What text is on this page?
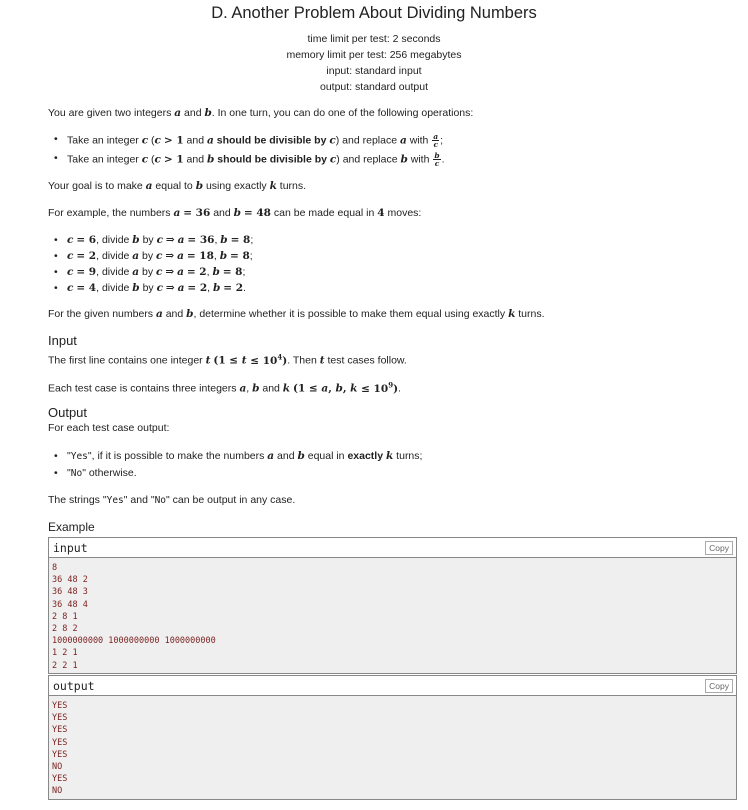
D. Another Problem About Dividing Numbers
time limit per test: 2 seconds
memory limit per test: 256 megabytes
input: standard input
output: standard output
You are given two integers a and b. In one turn, you can do one of the following operations:
• Take an integer c (c > 1 and a should be divisible by c) and replace a with $\frac{a}{c}$ ;
• Take an integer c (c > 1 and b should be divisible by c) and replace b with $\frac{b}{c}$ .
Your goal is to make a equal to b using exactly k turns.
For example, the numbers a = 36 and b = 48 can be made equal in 4 moves:
• c = 6, divide b by c ⇒ a = 36, b = 8;
• c = 2, divide a by c ⇒ a = 18, b = 8;
• c = 9, divide a by c ⇒ a = 2, b = 8;
• c = 4, divide b by c ⇒ a = 2, b = 2.
For the given numbers a and b, determine whether it is possible to make them equal using exactly k turns.
Input
The first line contains one integer t $(1 \le t \le 10^4)$. Then t test cases follow.
Each test case is contains three integers a, b and k (1 ≤ a, b, $k \le 10^9$).
Output
For each test case output:
• "Yes", if it is possible to make the numbers a and b equal in exactly k turns;
• "No" otherwise.
The strings "Yes" and "No" can be output in any case.
Example
input	Copy
8
36 48 2
36 48 3
36 48 4
2 8 1
2 8 2
1000000000 1000000000 1000000000
1 2 1
2 2 1
output	Copy
YES
YES
YES
YES
YES
NO
YES
NO
